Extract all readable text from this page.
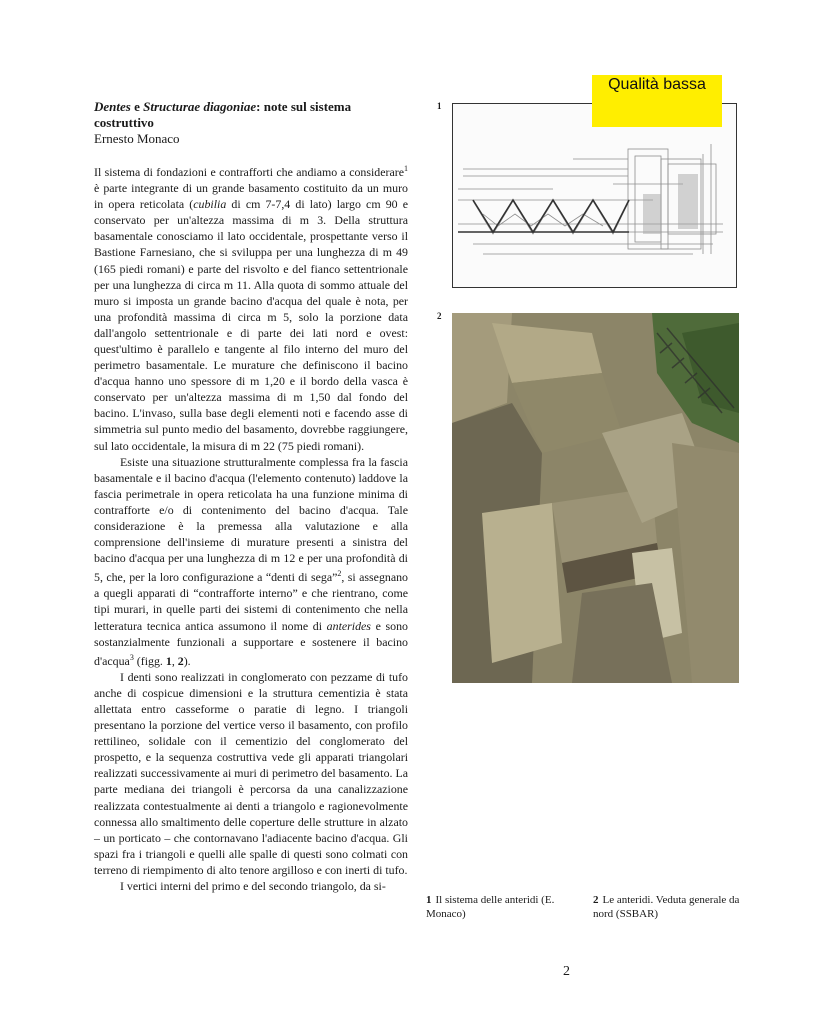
Dentes e Structurae diagoniae: note sul sistema costruttivo

Ernesto Monaco

Il sistema di fondazioni e contrafforti che andiamo a considerare$^1$ è parte integrante di un grande basamento costituito da un muro in opera reticolata (cubilia di cm 7-7,4 di lato) largo cm 90 e conservato per un'altezza massima di m 3. Della struttura basamentale conosciamo il lato occidentale, prospettante verso il Bastione Farnesiano, che si sviluppa per una lunghezza di m 49 (165 piedi romani) e parte del risvolto e del fianco settentrionale per una lunghezza di circa m 11. Alla quota di sommo attuale del muro si imposta un grande bacino d'acqua del quale è nota, per una profondità massima di circa m 5, solo la porzione data dall'angolo settentrionale e di parte dei lati nord e ovest: quest'ultimo è parallelo e tangente al filo interno del muro del perimetro basamentale. Le murature che definiscono il bacino d'acqua hanno uno spessore di m 1,20 e il bordo della vasca è conservato per un'altezza massima di m 1,50 dal fondo del bacino. L'invaso, sulla base degli elementi noti e facendo asse di simmetria sul punto medio del basamento, dovrebbe raggiungere, sul lato occidentale, la misura di m 22 (75 piedi romani).

Esiste una situazione strutturalmente complessa fra la fascia basamentale e il bacino d'acqua (l'elemento contenuto) laddove la fascia perimetrale in opera reticolata ha una funzione minima di contrafforte e/o di contenimento del bacino d'acqua. Tale considerazione è la premessa alla valutazione e alla comprensione dell'insieme di murature presenti a sinistra del bacino d'acqua per una lunghezza di m 12 e per una profondità di 5, che, per la loro configurazione a “denti di sega”$^2$, si assegnano a quegli apparati di “contrafforte interno” e che rientrano, come tipi murari, in quelle parti dei sistemi di contenimento che nella letteratura tecnica antica assumono il nome di anterides e sono sostanzialmente funzionali a supportare e sostenere il bacino d'acqua$^3$ (figg. 1, 2).

I denti sono realizzati in conglomerato con pezzame di tufo anche di cospicue dimensioni e la struttura cementizia è stata allettata entro casseforme o paratie di legno. I triangoli presentano la porzione del vertice verso il basamento, con profilo rettilineo, solidale con il cementizio del conglomerato del prospetto, e la sequenza costruttiva vede gli apparati triangolari realizzati successivamente ai muri di perimetro del basamento. La parte mediana dei triangoli è percorsa da una canalizzazione realizzata contestualmente ai denti a triangolo e ragionevolmente connessa allo smaltimento delle coperture delle strutture in alzato – un porticato – che contornavano l'adiacente bacino d'acqua. Gli spazi fra i triangoli e quelli alle spalle di questi sono colmati con terreno di riempimento di alto tenore argilloso e con inerti di tufo.

I vertici interni del primo e del secondo triangolo, da si-

1
Qualità bassa
2
1 Il sistema delle anteridi (E. Monaco)
2 Le anteridi. Veduta generale da nord (SSBAR)
2
